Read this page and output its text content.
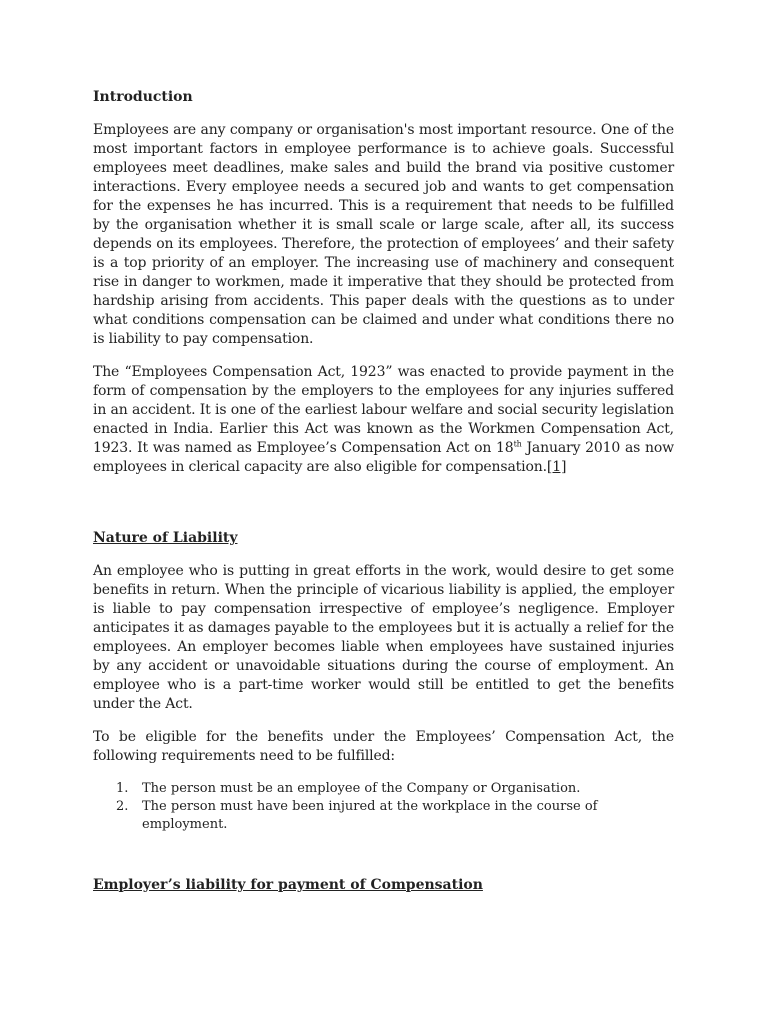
Introduction

Employees are any company or organisation's most important resource. One of the most important factors in employee performance is to achieve goals. Successful employees meet deadlines, make sales and build the brand via positive customer interactions. Every employee needs a secured job and wants to get compensation for the expenses he has incurred. This is a requirement that needs to be fulfilled by the organisation whether it is small scale or large scale, after all, its success depends on its employees. Therefore, the protection of employees’ and their safety is a top priority of an employer. The increasing use of machinery and consequent rise in danger to workmen, made it imperative that they should be protected from hardship arising from accidents. This paper deals with the questions as to under what conditions compensation can be claimed and under what conditions there no is liability to pay compensation.

The “Employees Compensation Act, 1923” was enacted to provide payment in the form of compensation by the employers to the employees for any injuries suffered in an accident. It is one of the earliest labour welfare and social security legislation enacted in India. Earlier this Act was known as the Workmen Compensation Act, 1923. It was named as Employee’s Compensation Act on 18th January 2010 as now employees in clerical capacity are also eligible for compensation.[1]

Nature of Liability

An employee who is putting in great efforts in the work, would desire to get some benefits in return. When the principle of vicarious liability is applied, the employer is liable to pay compensation irrespective of employee’s negligence. Employer anticipates it as damages payable to the employees but it is actually a relief for the employees. An employer becomes liable when employees have sustained injuries by any accident or unavoidable situations during the course of employment. An employee who is a part-time worker would still be entitled to get the benefits under the Act.

To be eligible for the benefits under the Employees’ Compensation Act, the following requirements need to be fulfilled:

1.	The person must be an employee of the Company or Organisation.
2.	The person must have been injured at the workplace in the course of employment.
Employer’s liability for payment of Compensation
